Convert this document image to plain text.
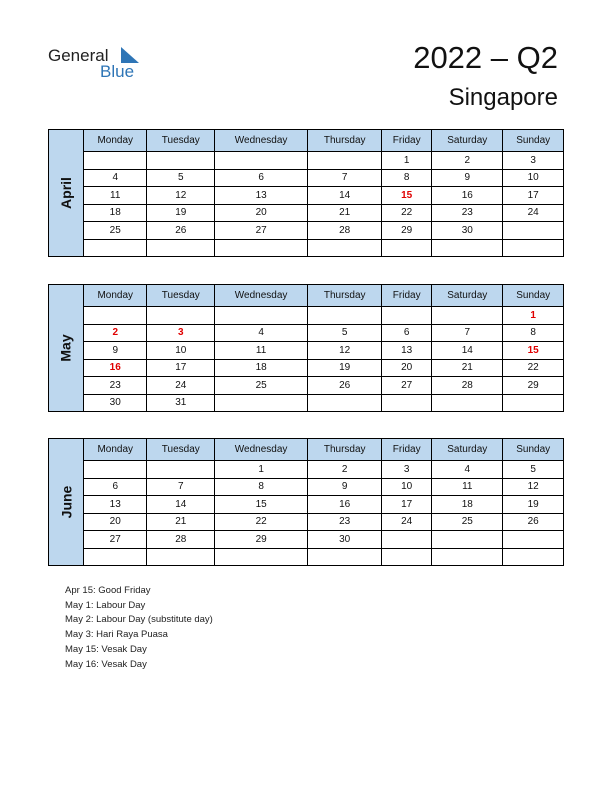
General
Blue	2022 – Q2
Singapore
April	Monday	Tuesday	Wednesday	Thursday	Friday	Saturday	Sunday
					1	2	3
	4	5	6	7	8	9	10
	11	12	13	14	15	16	17
	18	19	20	21	22	23	24
	25	26	27	28	29	30	

May	Monday	Tuesday	Wednesday	Thursday	Friday	Saturday	Sunday
							1
	2	3	4	5	6	7	8
	9	10	11	12	13	14	15
	16	17	18	19	20	21	22
	23	24	25	26	27	28	29
	30	31					
June	Monday	Tuesday	Wednesday	Thursday	Friday	Saturday	Sunday
			1	2	3	4	5
	6	7	8	9	10	11	12
	13	14	15	16	17	18	19
	20	21	22	23	24	25	26
	27	28	29	30			

Apr 15: Good Friday
May 1: Labour Day
May 2: Labour Day (substitute day)
May 3: Hari Raya Puasa
May 15: Vesak Day
May 16: Vesak Day
